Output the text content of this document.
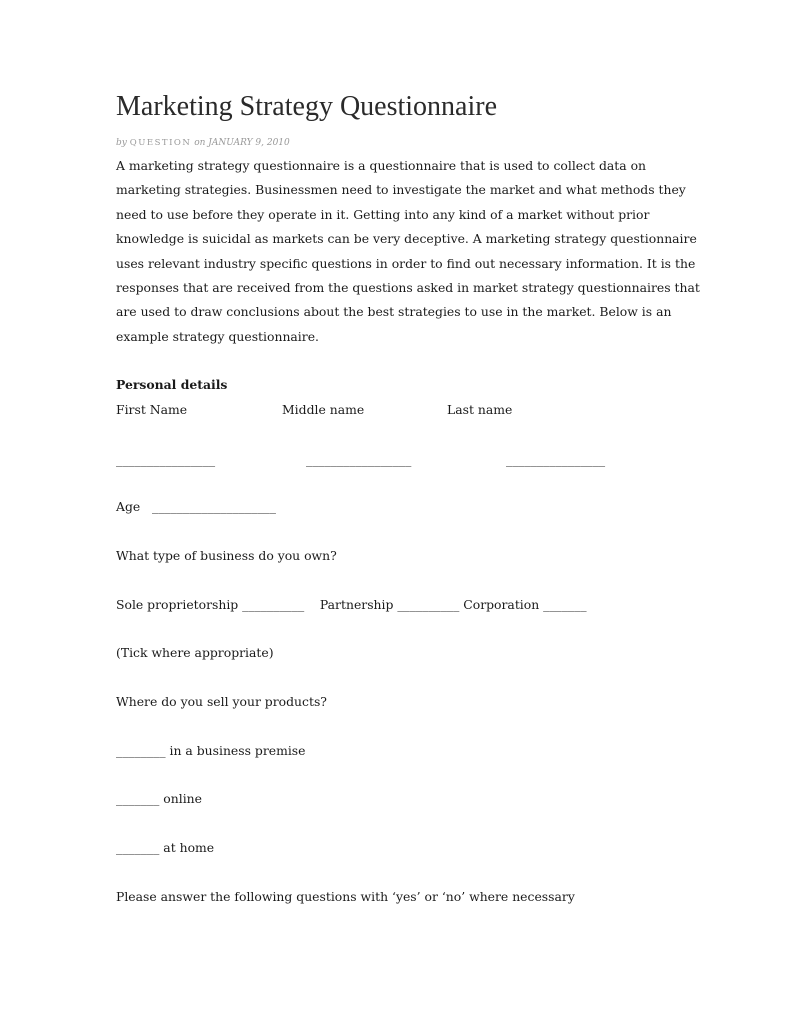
Marketing Strategy Questionnaire
by QUESTION on JANUARY 9, 2010

A marketing strategy questionnaire is a questionnaire that is used to collect data on
marketing strategies. Businessmen need to investigate the market and what methods they
need to use before they operate in it. Getting into any kind of a market without prior
knowledge is suicidal as markets can be very deceptive. A marketing strategy questionnaire
uses relevant industry specific questions in order to find out necessary information. It is the
responses that are received from the questions asked in market strategy questionnaires that
are used to draw conclusions about the best strategies to use in the market. Below is an
example strategy questionnaire.

Personal details

First Name	Middle name	Last name
________________	_________________	________________

Age   ____________________

What type of business do you own?

Sole proprietorship __________    Partnership __________ Corporation _______

(Tick where appropriate)

Where do you sell your products?

________ in a business premise

_______ online

_______ at home

Please answer the following questions with ‘yes’ or ‘no’ where necessary
